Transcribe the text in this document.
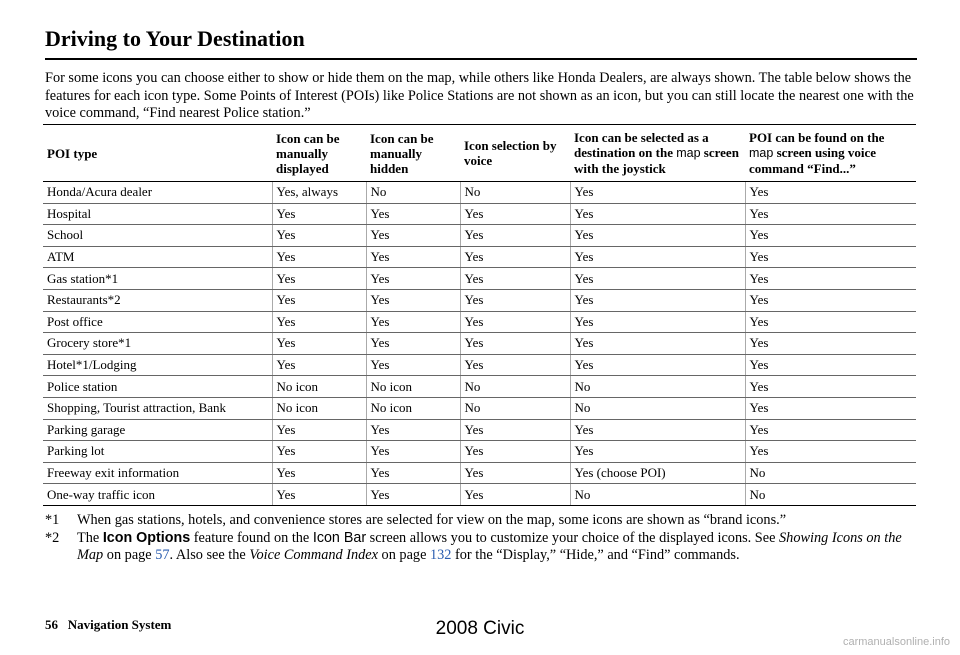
Driving to Your Destination

For some icons you can choose either to show or hide them on the map, while others like Honda Dealers, are always shown. The table below shows the features for each icon type. Some Points of Interest (POIs) like Police Stations are not shown as an icon, but you can still locate the nearest one with the voice command, “Find nearest Police station.”

POI type	Icon can be manually displayed	Icon can be manually hidden	Icon selection by voice	Icon can be selected as a destination on the map screen with the joystick	POI can be found on the map screen using voice command “Find...”
Honda/Acura dealer	Yes, always	No	No	Yes	Yes
Hospital	Yes	Yes	Yes	Yes	Yes
School	Yes	Yes	Yes	Yes	Yes
ATM	Yes	Yes	Yes	Yes	Yes
Gas station*1	Yes	Yes	Yes	Yes	Yes
Restaurants*2	Yes	Yes	Yes	Yes	Yes
Post office	Yes	Yes	Yes	Yes	Yes
Grocery store*1	Yes	Yes	Yes	Yes	Yes
Hotel*1/Lodging	Yes	Yes	Yes	Yes	Yes
Police station	No icon	No icon	No	No	Yes
Shopping, Tourist attraction, Bank	No icon	No icon	No	No	Yes
Parking garage	Yes	Yes	Yes	Yes	Yes
Parking lot	Yes	Yes	Yes	Yes	Yes
Freeway exit information	Yes	Yes	Yes	Yes (choose POI)	No
One-way traffic icon	Yes	Yes	Yes	No	No

*1 When gas stations, hotels, and convenience stores are selected for view on the map, some icons are shown as “brand icons.”

*2 The Icon Options feature found on the Icon Bar screen allows you to customize your choice of the displayed icons. See Showing Icons on the Map on page 57. Also see the Voice Command Index on page 132 for the “Display,” “Hide,” and “Find” commands.

56 Navigation System	2008 Civic
carmanualsonline.info
